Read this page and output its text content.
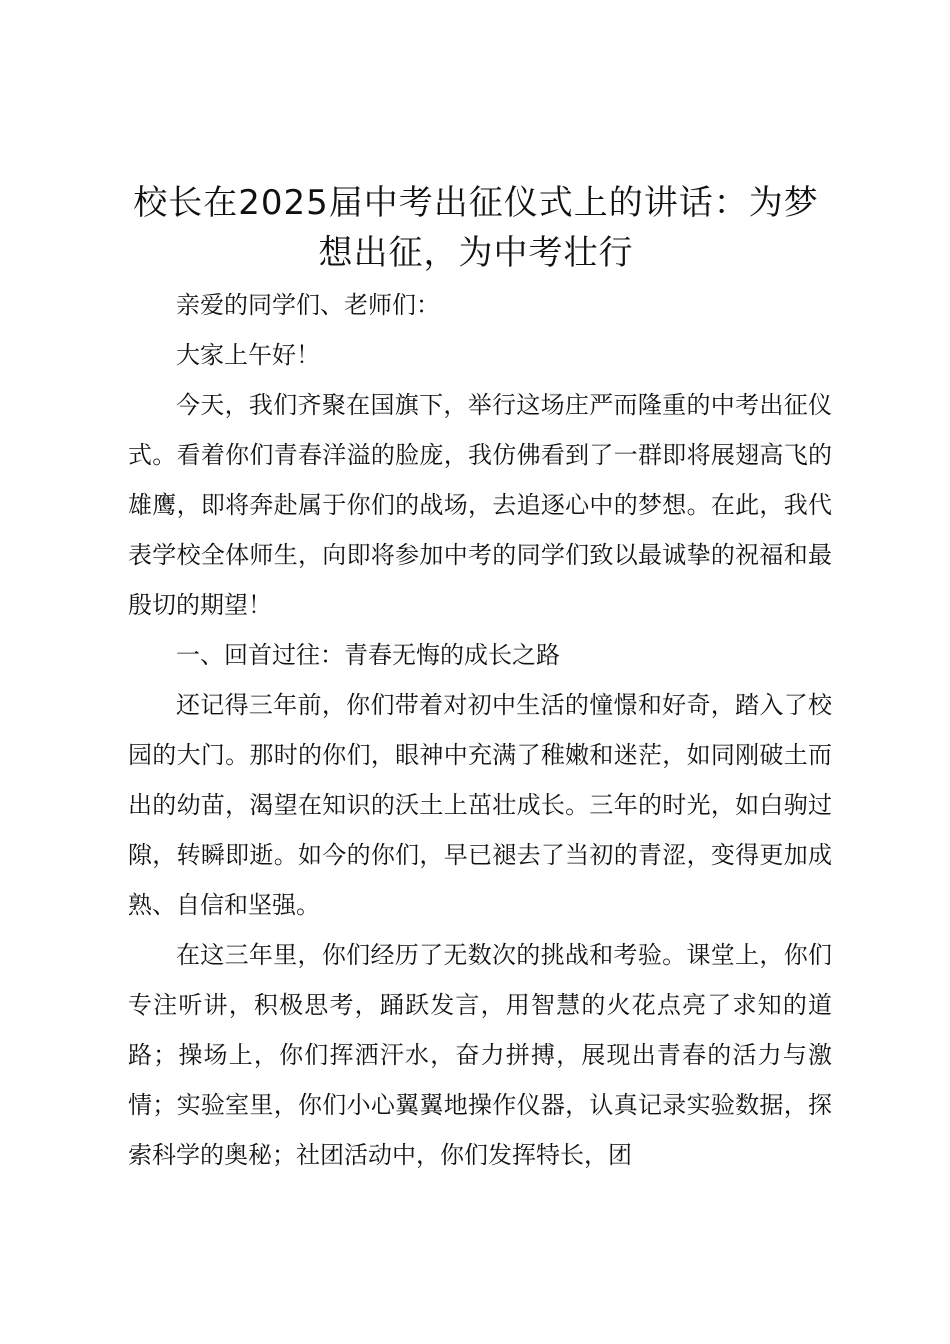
校长在2025届中考出征仪式上的讲话：为梦想出征，为中考壮行

亲爱的同学们、老师们：

大家上午好！

今天，我们齐聚在国旗下，举行这场庄严而隆重的中考出征仪式。看着你们青春洋溢的脸庞，我仿佛看到了一群即将展翅高飞的雄鹰，即将奔赴属于你们的战场，去追逐心中的梦想。在此，我代表学校全体师生，向即将参加中考的同学们致以最诚挚的祝福和最殷切的期望！

一、回首过往：青春无悔的成长之路

还记得三年前，你们带着对初中生活的憧憬和好奇，踏入了校园的大门。那时的你们，眼神中充满了稚嫩和迷茫，如同刚破土而出的幼苗，渴望在知识的沃土上茁壮成长。三年的时光，如白驹过隙，转瞬即逝。如今的你们，早已褪去了当初的青涩，变得更加成熟、自信和坚强。

在这三年里，你们经历了无数次的挑战和考验。课堂上，你们专注听讲，积极思考，踊跃发言，用智慧的火花点亮了求知的道路；操场上，你们挥洒汗水，奋力拼搏，展现出青春的活力与激情；实验室里，你们小心翼翼地操作仪器，认真记录实验数据，探索科学的奥秘；社团活动中，你们发挥特长，团
